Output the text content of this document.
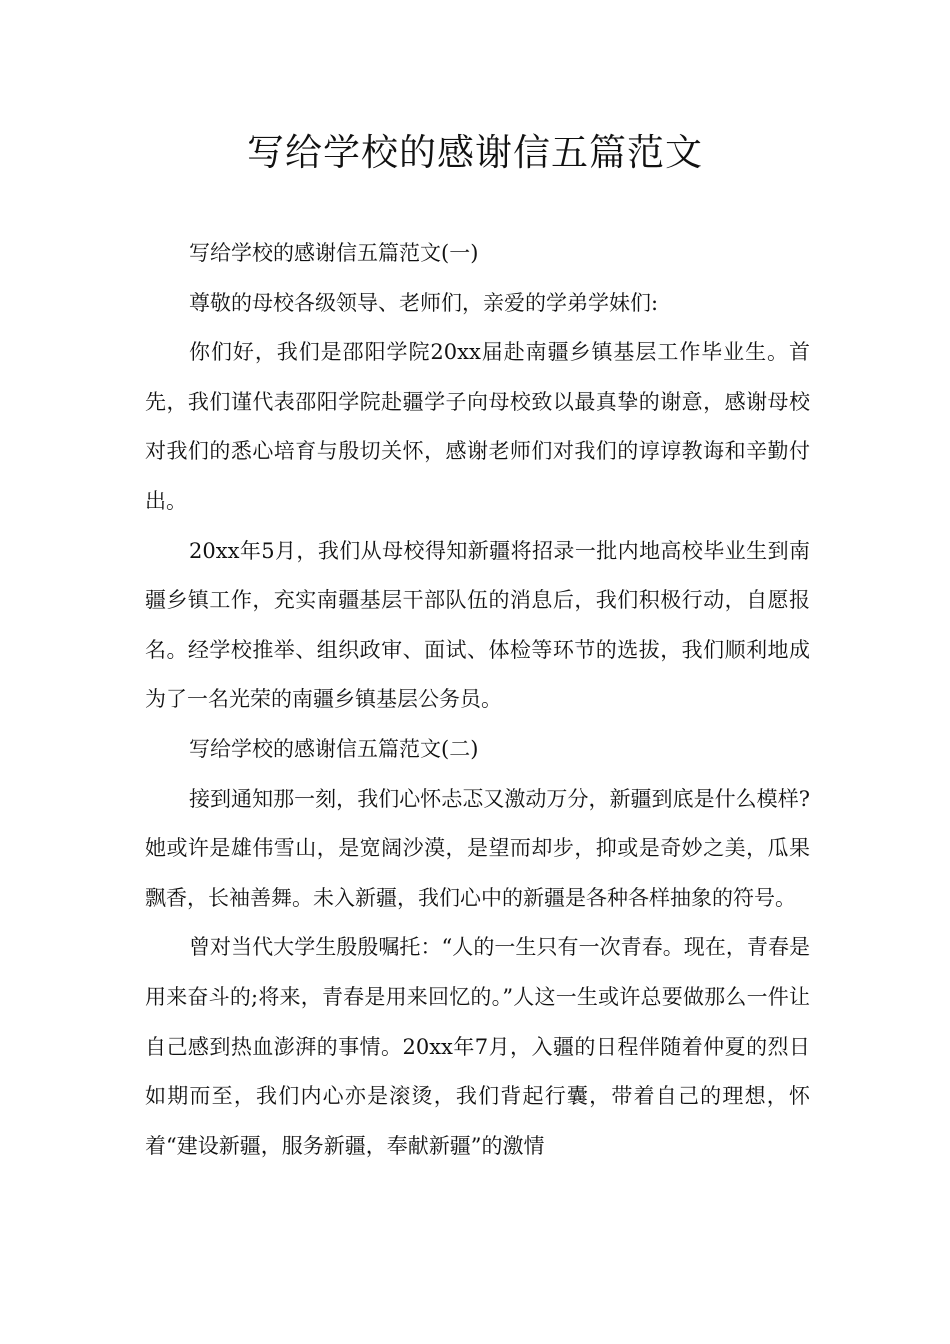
写给学校的感谢信五篇范文

写给学校的感谢信五篇范文(一)

尊敬的母校各级领导、老师们，亲爱的学弟学妹们:

你们好，我们是邵阳学院20xx届赴南疆乡镇基层工作毕业生。首先，我们谨代表邵阳学院赴疆学子向母校致以最真挚的谢意，感谢母校对我们的悉心培育与殷切关怀，感谢老师们对我们的谆谆教诲和辛勤付出。

20xx年5月，我们从母校得知新疆将招录一批内地高校毕业生到南疆乡镇工作，充实南疆基层干部队伍的消息后，我们积极行动，自愿报名。经学校推举、组织政审、面试、体检等环节的选拔，我们顺利地成为了一名光荣的南疆乡镇基层公务员。

写给学校的感谢信五篇范文(二)

接到通知那一刻，我们心怀忐忑又激动万分，新疆到底是什么模样?她或许是雄伟雪山，是宽阔沙漠，是望而却步，抑或是奇妙之美，瓜果飘香，长袖善舞。未入新疆，我们心中的新疆是各种各样抽象的符号。

曾对当代大学生殷殷嘱托：“人的一生只有一次青春。现在，青春是用来奋斗的;将来，青春是用来回忆的。”人这一生或许总要做那么一件让自己感到热血澎湃的事情。20xx年7月，入疆的日程伴随着仲夏的烈日如期而至，我们内心亦是滚烫，我们背起行囊，带着自己的理想，怀着“建设新疆，服务新疆，奉献新疆”的激情
